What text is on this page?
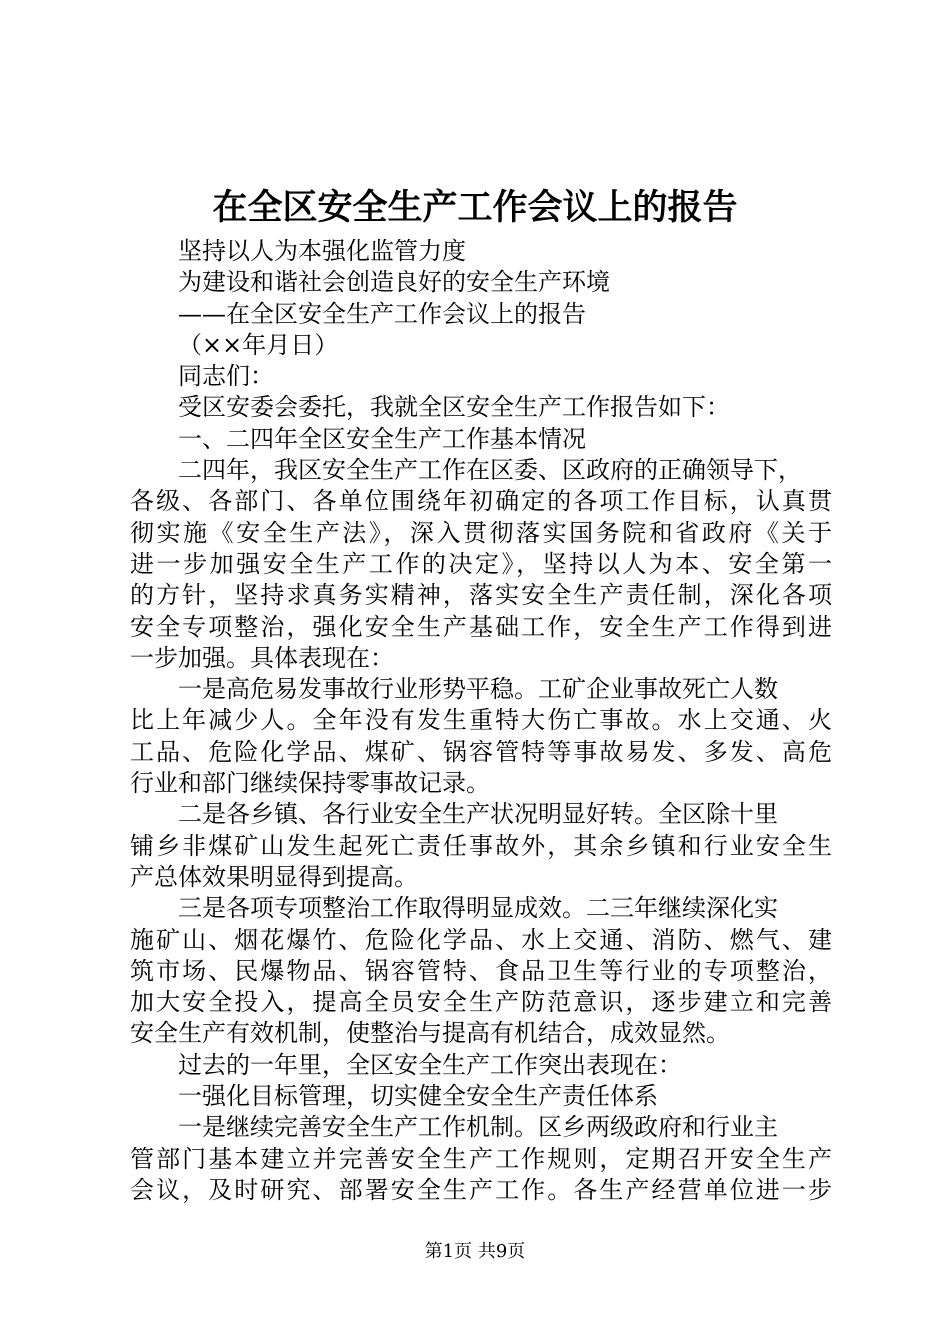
在全区安全生产工作会议上的报告
坚持以人为本强化监管力度
为建设和谐社会创造良好的安全生产环境
——在全区安全生产工作会议上的报告
（××年月日）
同志们：
受区安委会委托，我就全区安全生产工作报告如下：
一、二四年全区安全生产工作基本情况
二四年，我区安全生产工作在区委、区政府的正确领导下，
各级、各部门、各单位围绕年初确定的各项工作目标，认真贯
彻实施《安全生产法》，深入贯彻落实国务院和省政府《关于
进一步加强安全生产工作的决定》，坚持以人为本、安全第一
的方针，坚持求真务实精神，落实安全生产责任制，深化各项
安全专项整治，强化安全生产基础工作，安全生产工作得到进
一步加强。具体表现在：
一是高危易发事故行业形势平稳。工矿企业事故死亡人数
比上年减少人。全年没有发生重特大伤亡事故。水上交通、火
工品、危险化学品、煤矿、锅容管特等事故易发、多发、高危
行业和部门继续保持零事故记录。
二是各乡镇、各行业安全生产状况明显好转。全区除十里
铺乡非煤矿山发生起死亡责任事故外，其余乡镇和行业安全生
产总体效果明显得到提高。
三是各项专项整治工作取得明显成效。二三年继续深化实
施矿山、烟花爆竹、危险化学品、水上交通、消防、燃气、建
筑市场、民爆物品、锅容管特、食品卫生等行业的专项整治，
加大安全投入，提高全员安全生产防范意识，逐步建立和完善
安全生产有效机制，使整治与提高有机结合，成效显然。
过去的一年里，全区安全生产工作突出表现在：
一强化目标管理，切实健全安全生产责任体系
一是继续完善安全生产工作机制。区乡两级政府和行业主
管部门基本建立并完善安全生产工作规则，定期召开安全生产
会议，及时研究、部署安全生产工作。各生产经营单位进一步
第1页 共9页
